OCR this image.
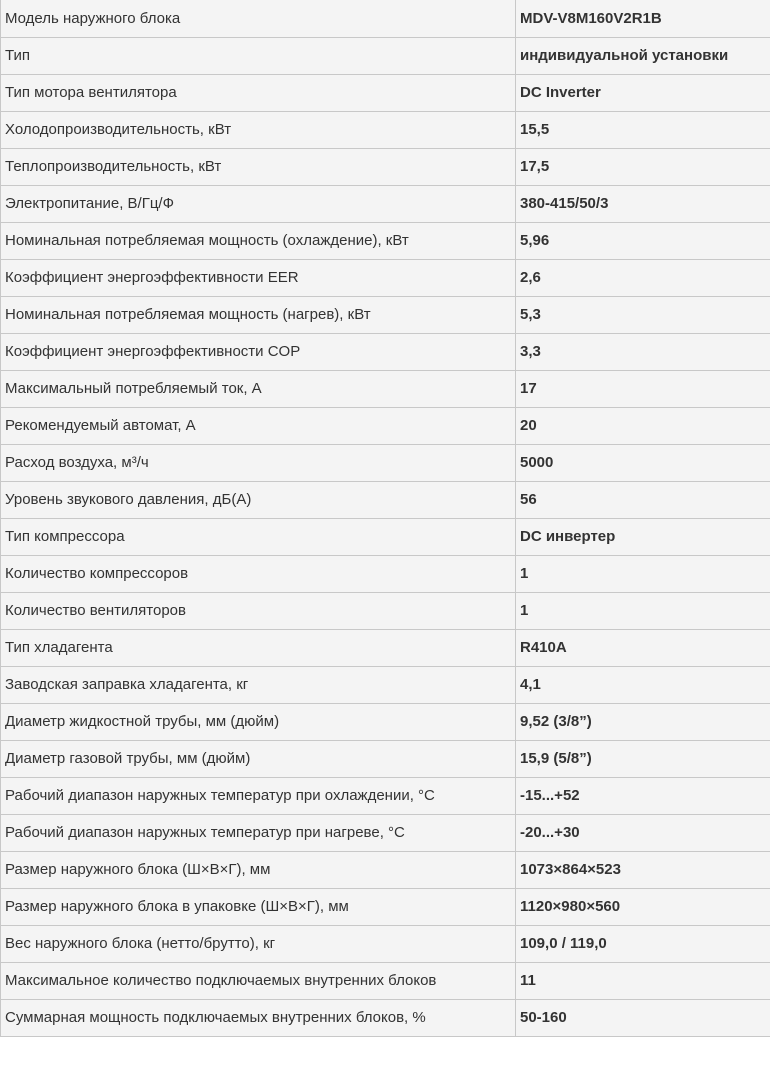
Модель наружного блока	MDV-V8M160V2R1B
Тип	индивидуальной установки
Тип мотора вентилятора	DC Inverter
Холодопроизводительность, кВт	15,5
Теплопроизводительность, кВт	17,5
Электропитание, В/Гц/Ф	380-415/50/3
Номинальная потребляемая мощность (охлаждение), кВт	5,96
Коэффициент энергоэффективности EER	2,6
Номинальная потребляемая мощность (нагрев), кВт	5,3
Коэффициент энергоэффективности COP	3,3
Максимальный потребляемый ток, А	17
Рекомендуемый автомат, А	20
Расход воздуха, м³/ч	5000
Уровень звукового давления, дБ(А)	56
Тип компрессора	DC инвертер
Количество компрессоров	1
Количество вентиляторов	1
Тип хладагента	R410A
Заводская заправка хладагента, кг	4,1
Диаметр жидкостной трубы, мм (дюйм)	9,52 (3/8”)
Диаметр газовой трубы, мм (дюйм)	15,9 (5/8”)
Рабочий диапазон наружных температур при охлаждении, °С	-15...+52
Рабочий диапазон наружных температур при нагреве, °С	-20...+30
Размер наружного блока (Ш×В×Г), мм	1073×864×523
Размер наружного блока в упаковке (Ш×В×Г), мм	1120×980×560
Вес наружного блока (нетто/брутто), кг	109,0 / 119,0
Максимальное количество подключаемых внутренних блоков	11
Суммарная мощность подключаемых внутренних блоков, %	50-160
